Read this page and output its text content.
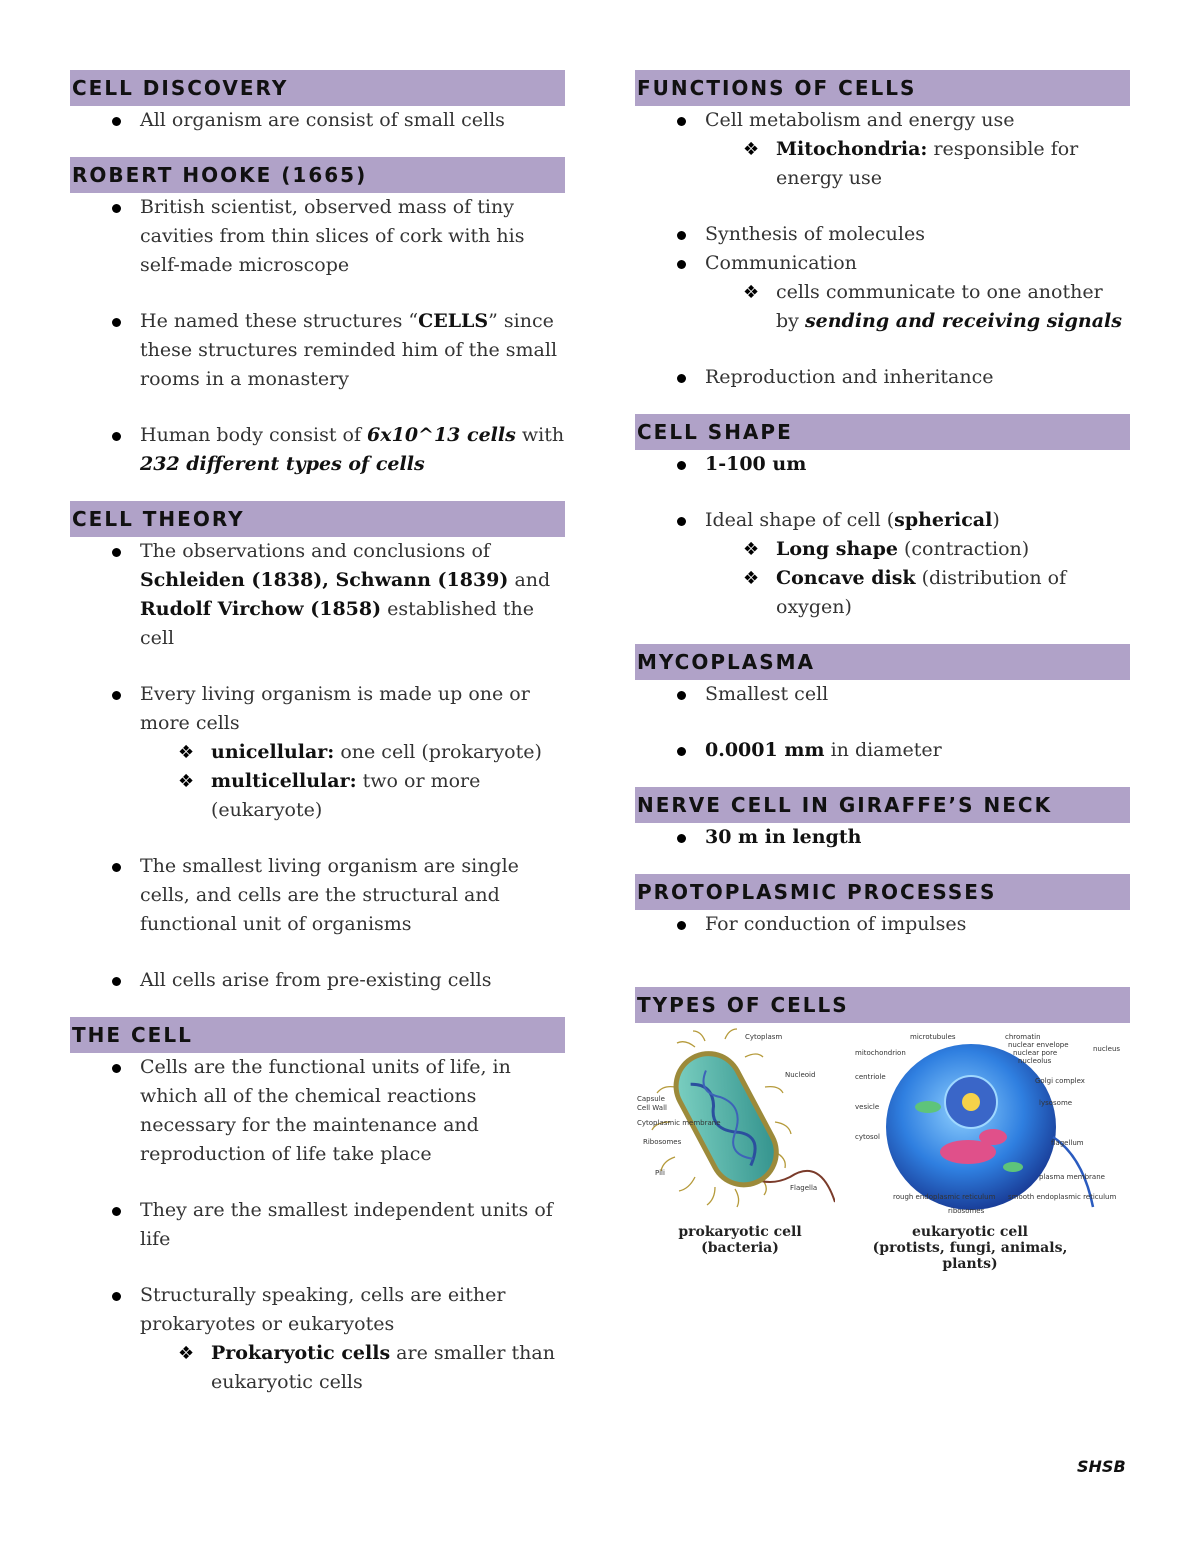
CELL DISCOVERY
All organism are consist of small cells
ROBERT HOOKE (1665)
British scientist, observed mass of tiny cavities from thin slices of cork with his self-made microscope
He named these structures “CELLS” since these structures reminded him of the small rooms in a monastery
Human body consist of 6x10^13 cells with 232 different types of cells
CELL THEORY
The observations and conclusions of Schleiden (1838), Schwann (1839) and Rudolf Virchow (1858) established the cell
Every living organism is made up one or more cells
❖ unicellular: one cell (prokaryote)
❖ multicellular: two or more (eukaryote)
The smallest living organism are single cells, and cells are the structural and functional unit of organisms
All cells arise from pre-existing cells
THE CELL
Cells are the functional units of life, in which all of the chemical reactions necessary for the maintenance and reproduction of life take place
They are the smallest independent units of life
Structurally speaking, cells are either prokaryotes or eukaryotes
❖ Prokaryotic cells are smaller than eukaryotic cells
FUNCTIONS OF CELLS
Cell metabolism and energy use
❖ Mitochondria: responsible for energy use
Synthesis of molecules
Communication
❖ cells communicate to one another by sending and receiving signals
Reproduction and inheritance
CELL SHAPE
1-100 um
Ideal shape of cell (spherical)
❖ Long shape (contraction)
❖ Concave disk (distribution of oxygen)
MYCOPLASMA
Smallest cell
0.0001 mm in diameter
NERVE CELL IN GIRAFFE’S NECK
30 m in length
PROTOPLASMIC PROCESSES
For conduction of impulses
TYPES OF CELLS
Cytoplasm
Nucleoid
Capsule
Cell Wall
Cytoplasmic membrane
Ribosomes
Pili
Flagella
microtubules	chromatin
nuclear envelope
nuclear pore
nucleolus
nucleus
mitochondrion
centriole	Golgi complex
vesicle	lysosome
cytosol
flagellum
plasma membrane
rough endoplasmic reticulum
ribosomes
smooth endoplasmic reticulum
prokaryotic cell
(bacteria)
eukaryotic cell
(protists, fungi, animals, plants)
SHSB
